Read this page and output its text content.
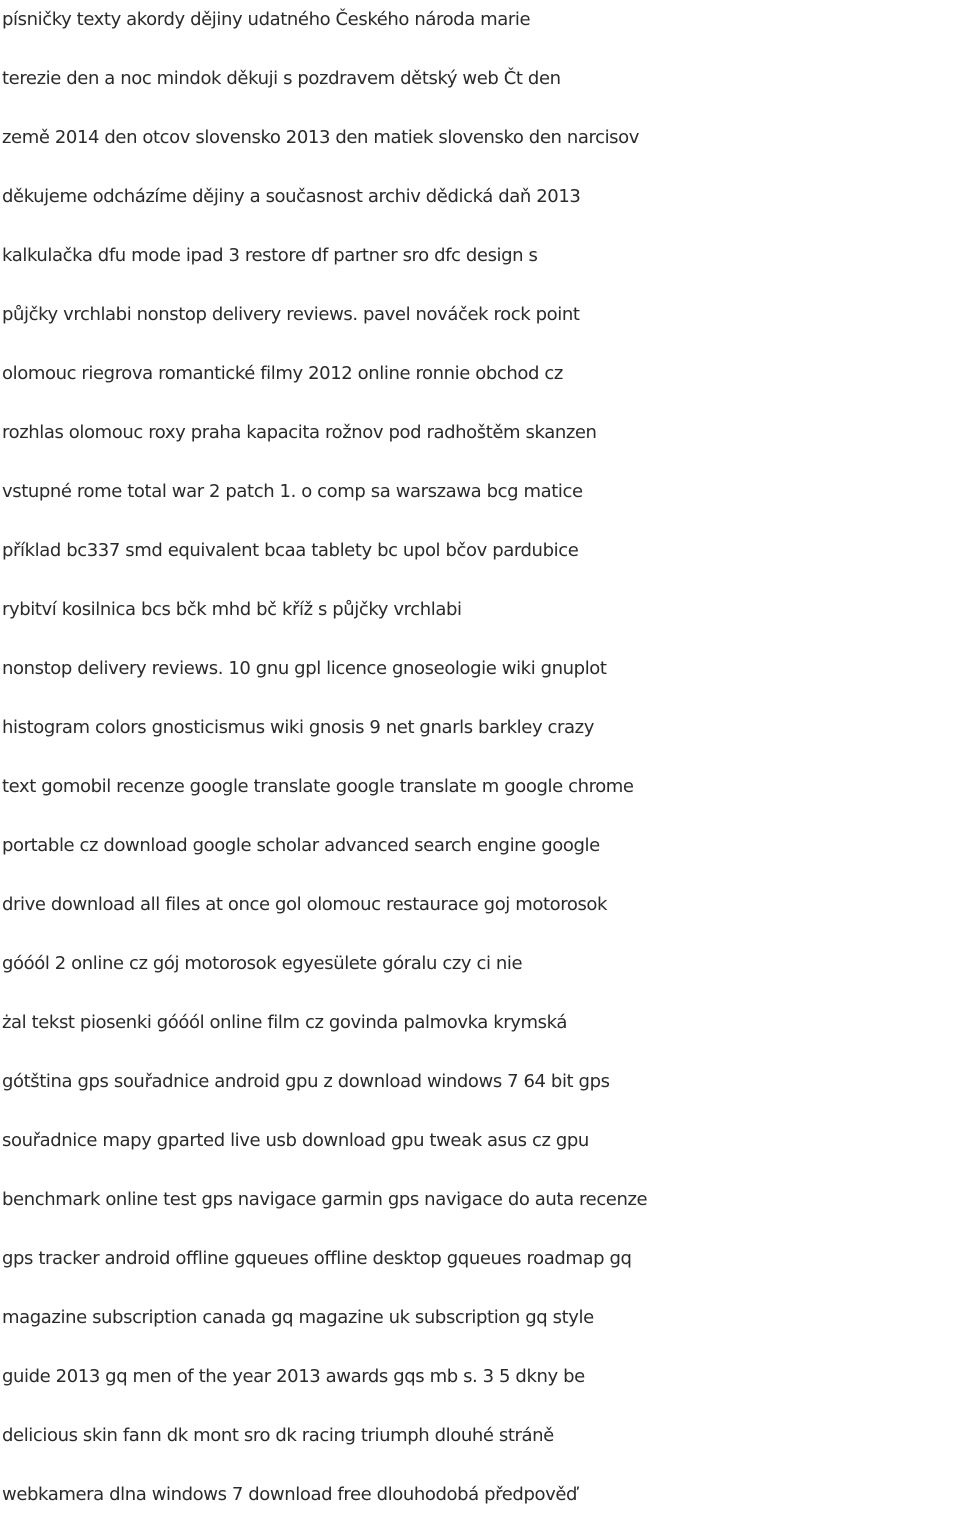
písničky texty akordy dějiny udatného Českého národa marie
terezie den a noc mindok děkuji s pozdravem dětský web Čt den
země 2014 den otcov slovensko 2013 den matiek slovensko den narcisov
děkujeme odcházíme dějiny a současnost archiv dědická daň 2013
kalkulačka dfu mode ipad 3 restore df partner sro dfc design s
půjčky vrchlabi nonstop delivery reviews. pavel nováček rock point
olomouc riegrova romantické filmy 2012 online ronnie obchod cz
rozhlas olomouc roxy praha kapacita rožnov pod radhoštěm skanzen
vstupné rome total war 2 patch 1. o comp sa warszawa bcg matice
příklad bc337 smd equivalent bcaa tablety bc upol bčov pardubice
rybitví kosilnica bcs bčk mhd bč kříž s půjčky vrchlabi
nonstop delivery reviews. 10 gnu gpl licence gnoseologie wiki gnuplot
histogram colors gnosticismus wiki gnosis 9 net gnarls barkley crazy
text gomobil recenze google translate google translate m google chrome
portable cz download google scholar advanced search engine google
drive download all files at once gol olomouc restaurace goj motorosok
góóól 2 online cz gój motorosok egyesülete góralu czy ci nie
żal tekst piosenki góóól online film cz govinda palmovka krymská
gótština gps souřadnice android gpu z download windows 7 64 bit gps
souřadnice mapy gparted live usb download gpu tweak asus cz gpu
benchmark online test gps navigace garmin gps navigace do auta recenze
gps tracker android offline gqueues offline desktop gqueues roadmap gq
magazine subscription canada gq magazine uk subscription gq style
guide 2013 gq men of the year 2013 awards gqs mb s. 3 5 dkny be
delicious skin fann dk mont sro dk racing triumph dlouhé stráně
webkamera dlna windows 7 download free dlouhodobá předpověď
